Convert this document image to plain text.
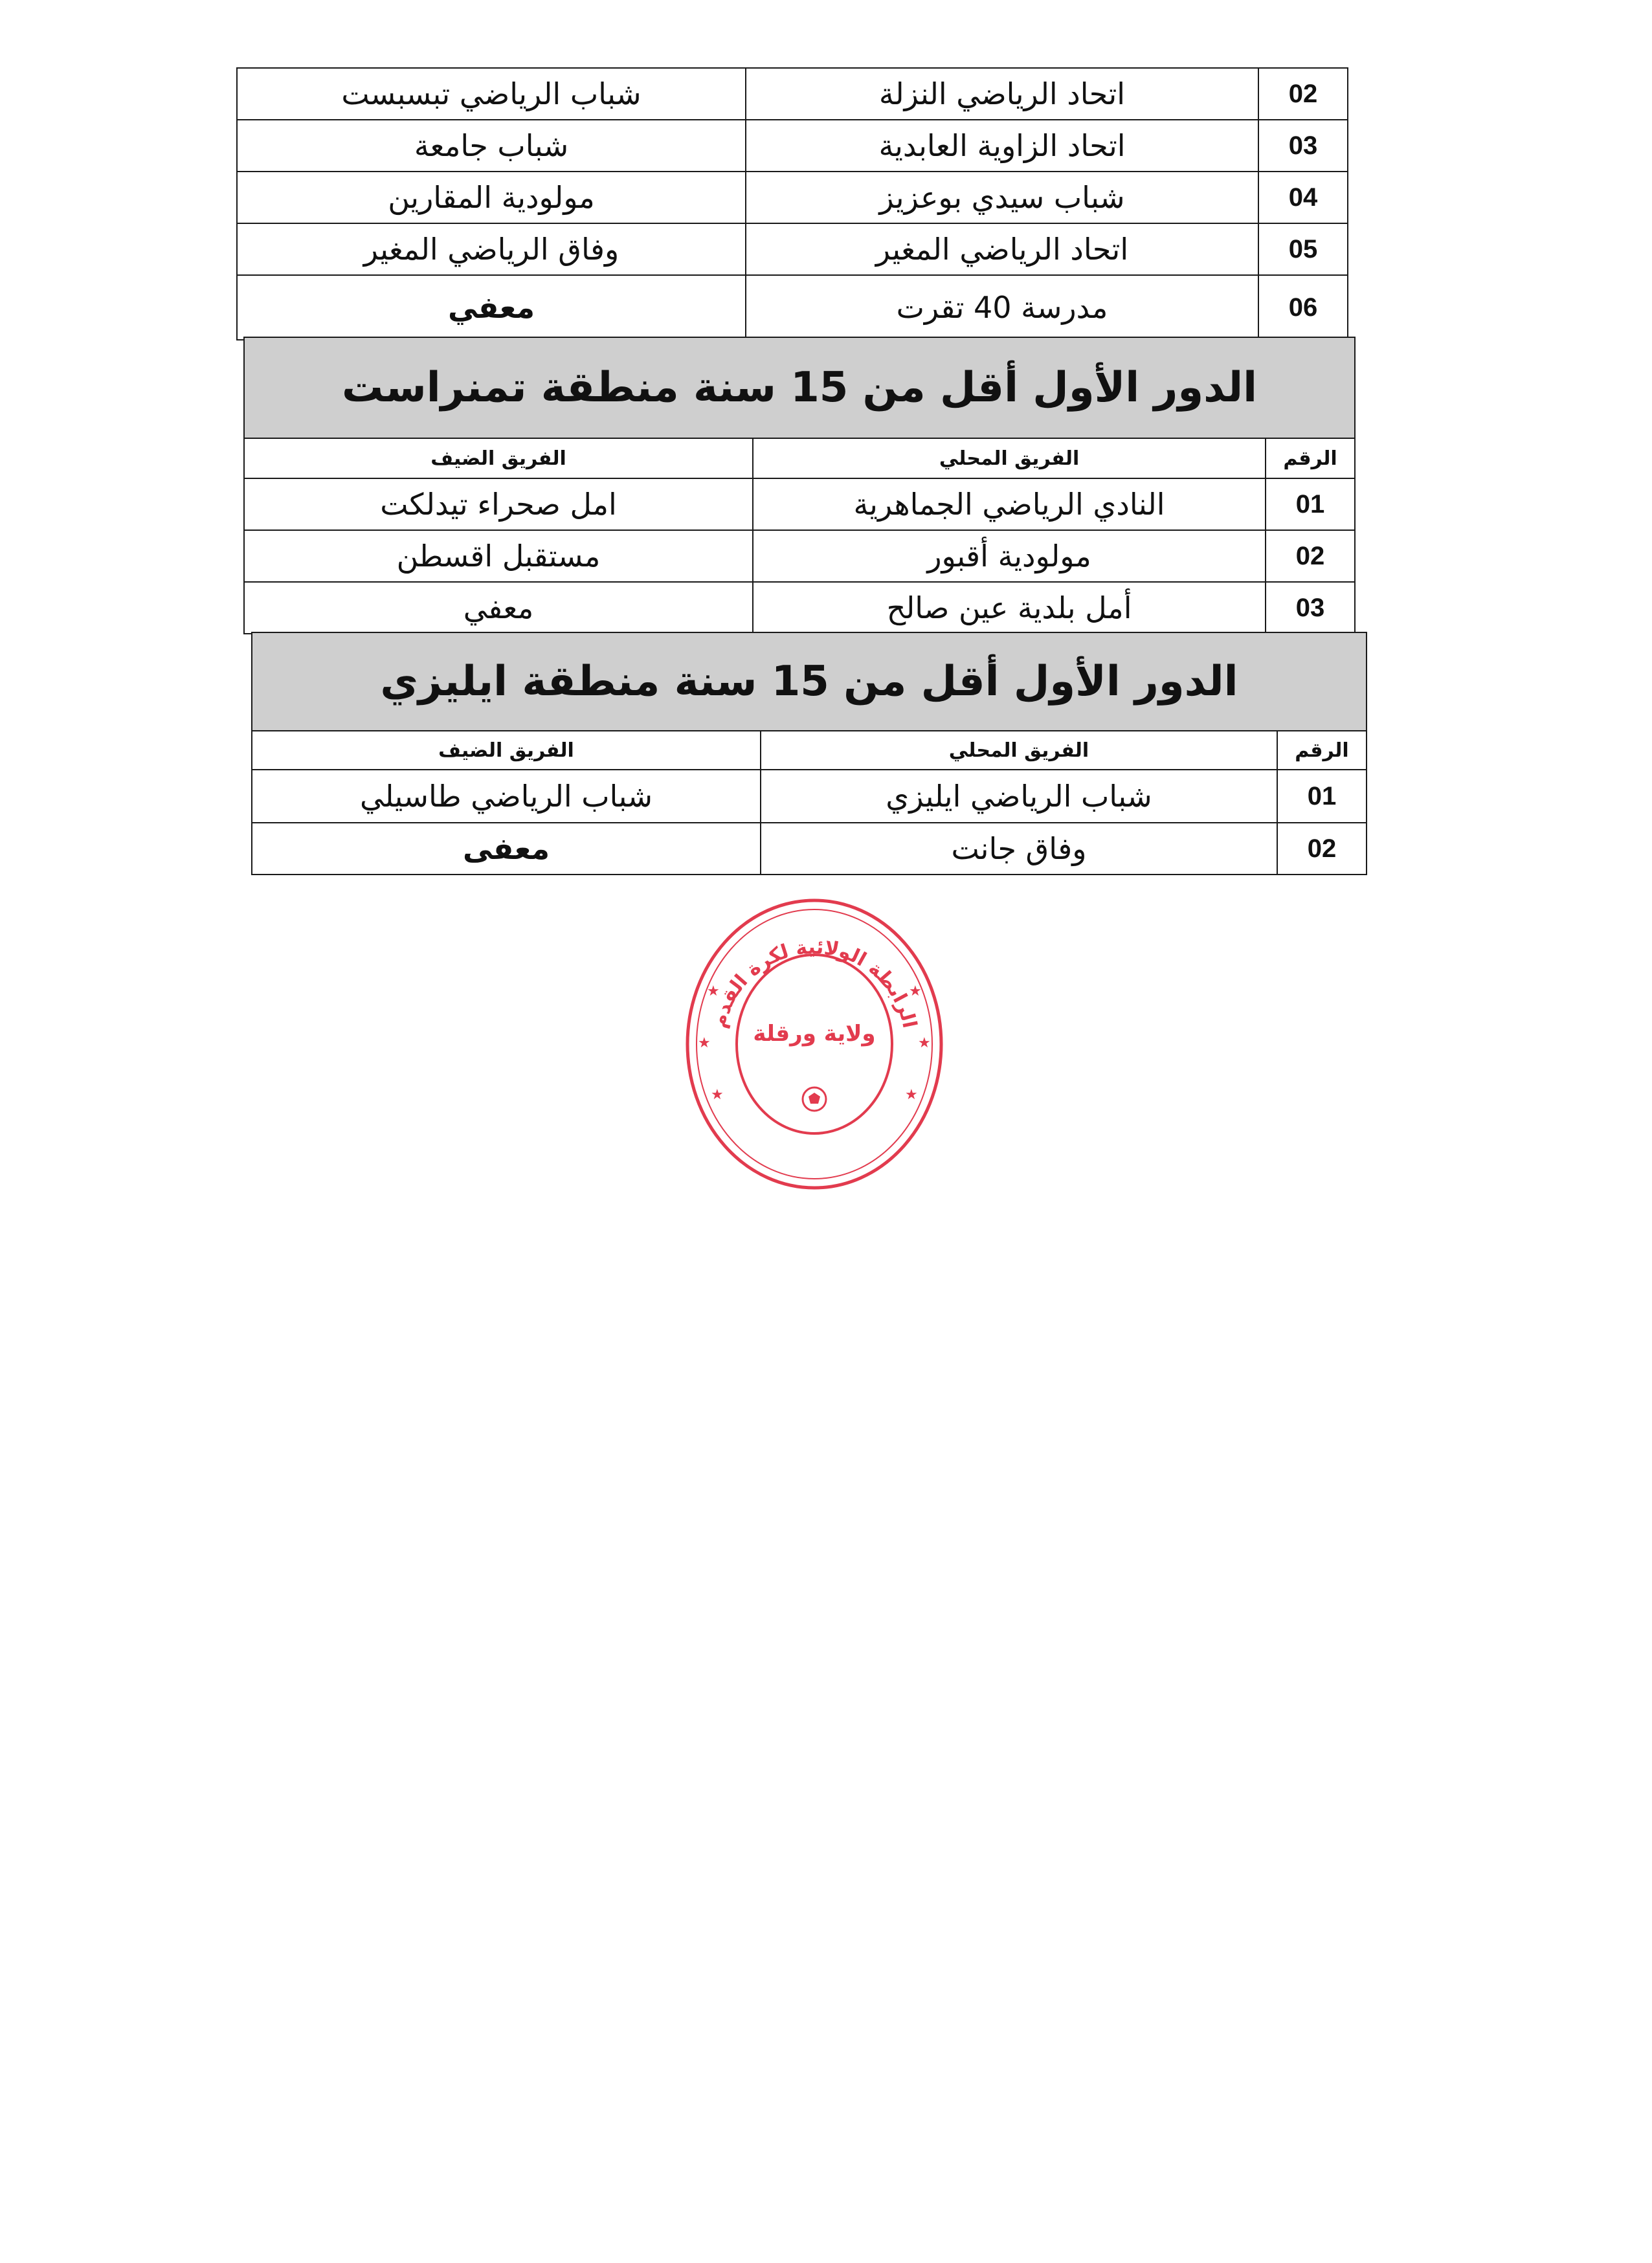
02	اتحاد الرياضي النزلة	شباب الرياضي تبسبست
03	اتحاد الزاوية العابدية	شباب جامعة
04	شباب سيدي بوعزيز	مولودية المقارين
05	اتحاد الرياضي المغير	وفاق الرياضي المغير
06	مدرسة 40 تقرت	معفي
الدور الأول أقل من 15 سنة منطقة تمنراست		
الرقم	الفريق المحلي	الفريق الضيف
01	النادي الرياضي الجماهرية	امل صحراء تيدلكت
02	مولودية أقبور	مستقبل اقسطن
03	أمل بلدية عين صالح	معفي
الدور الأول أقل من 15 سنة منطقة ايليزي		
الرقم	الفريق المحلي	الفريق الضيف
01	شباب الرياضي ايليزي	شباب الرياضي طاسيلي
02	وفاق جانت	معفى
الرابطة الولائية لكرة القدم
ولاية ورقلة
★
★
★
★
★
★
